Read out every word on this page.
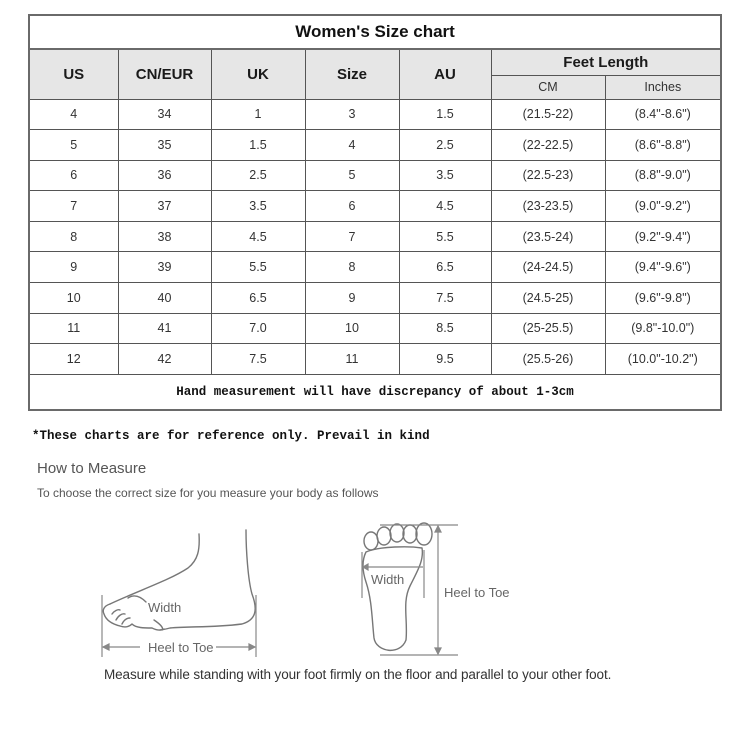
Women's Size chart						
US	CN/EUR	UK	Size	AU	Feet Length	
					CM	Inches
4	34	1	3	1.5	(21.5-22)	(8.4"-8.6")
5	35	1.5	4	2.5	(22-22.5)	(8.6"-8.8")
6	36	2.5	5	3.5	(22.5-23)	(8.8"-9.0")
7	37	3.5	6	4.5	(23-23.5)	(9.0"-9.2")
8	38	4.5	7	5.5	(23.5-24)	(9.2"-9.4")
9	39	5.5	8	6.5	(24-24.5)	(9.4"-9.6")
10	40	6.5	9	7.5	(24.5-25)	(9.6"-9.8")
11	41	7.0	10	8.5	(25-25.5)	(9.8"-10.0")
12	42	7.5	11	9.5	(25.5-26)	(10.0"-10.2")
Hand measurement will have discrepancy of about 1-3cm						
*These charts are for reference only. Prevail in kind
How to Measure
To choose the correct size for you measure your body as follows
Width
Heel to Toe
Width
Heel to Toe
Measure while standing with your foot firmly on the floor and parallel to your other foot.
